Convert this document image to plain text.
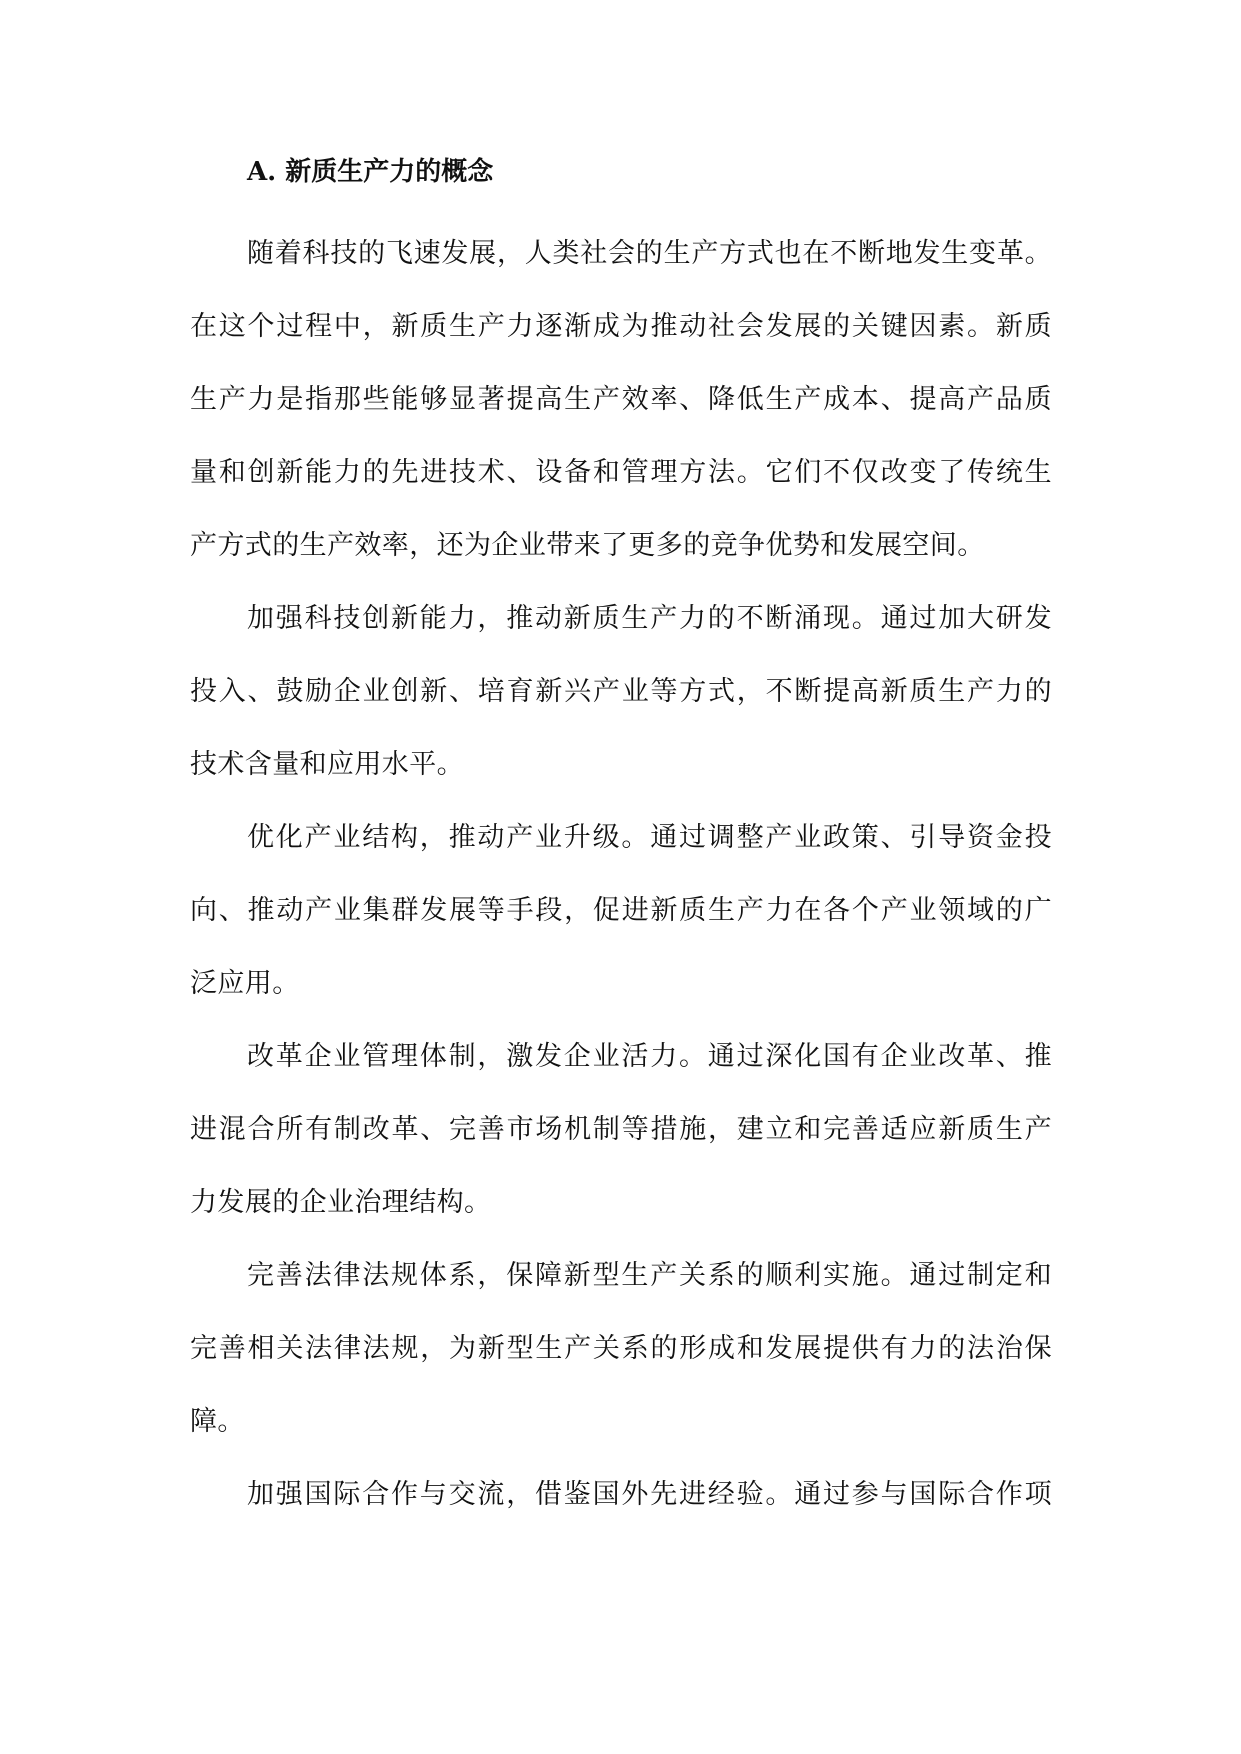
A. 新质生产力的概念
随着科技的飞速发展，人类社会的生产方式也在不断地发生变革。
在这个过程中，新质生产力逐渐成为推动社会发展的关键因素。新质
生产力是指那些能够显著提高生产效率、降低生产成本、提高产品质
量和创新能力的先进技术、设备和管理方法。它们不仅改变了传统生
产方式的生产效率，还为企业带来了更多的竞争优势和发展空间。
加强科技创新能力，推动新质生产力的不断涌现。通过加大研发
投入、鼓励企业创新、培育新兴产业等方式，不断提高新质生产力的
技术含量和应用水平。
优化产业结构，推动产业升级。通过调整产业政策、引导资金投
向、推动产业集群发展等手段，促进新质生产力在各个产业领域的广
泛应用。
改革企业管理体制，激发企业活力。通过深化国有企业改革、推
进混合所有制改革、完善市场机制等措施，建立和完善适应新质生产
力发展的企业治理结构。
完善法律法规体系，保障新型生产关系的顺利实施。通过制定和
完善相关法律法规，为新型生产关系的形成和发展提供有力的法治保
障。
加强国际合作与交流，借鉴国外先进经验。通过参与国际合作项
